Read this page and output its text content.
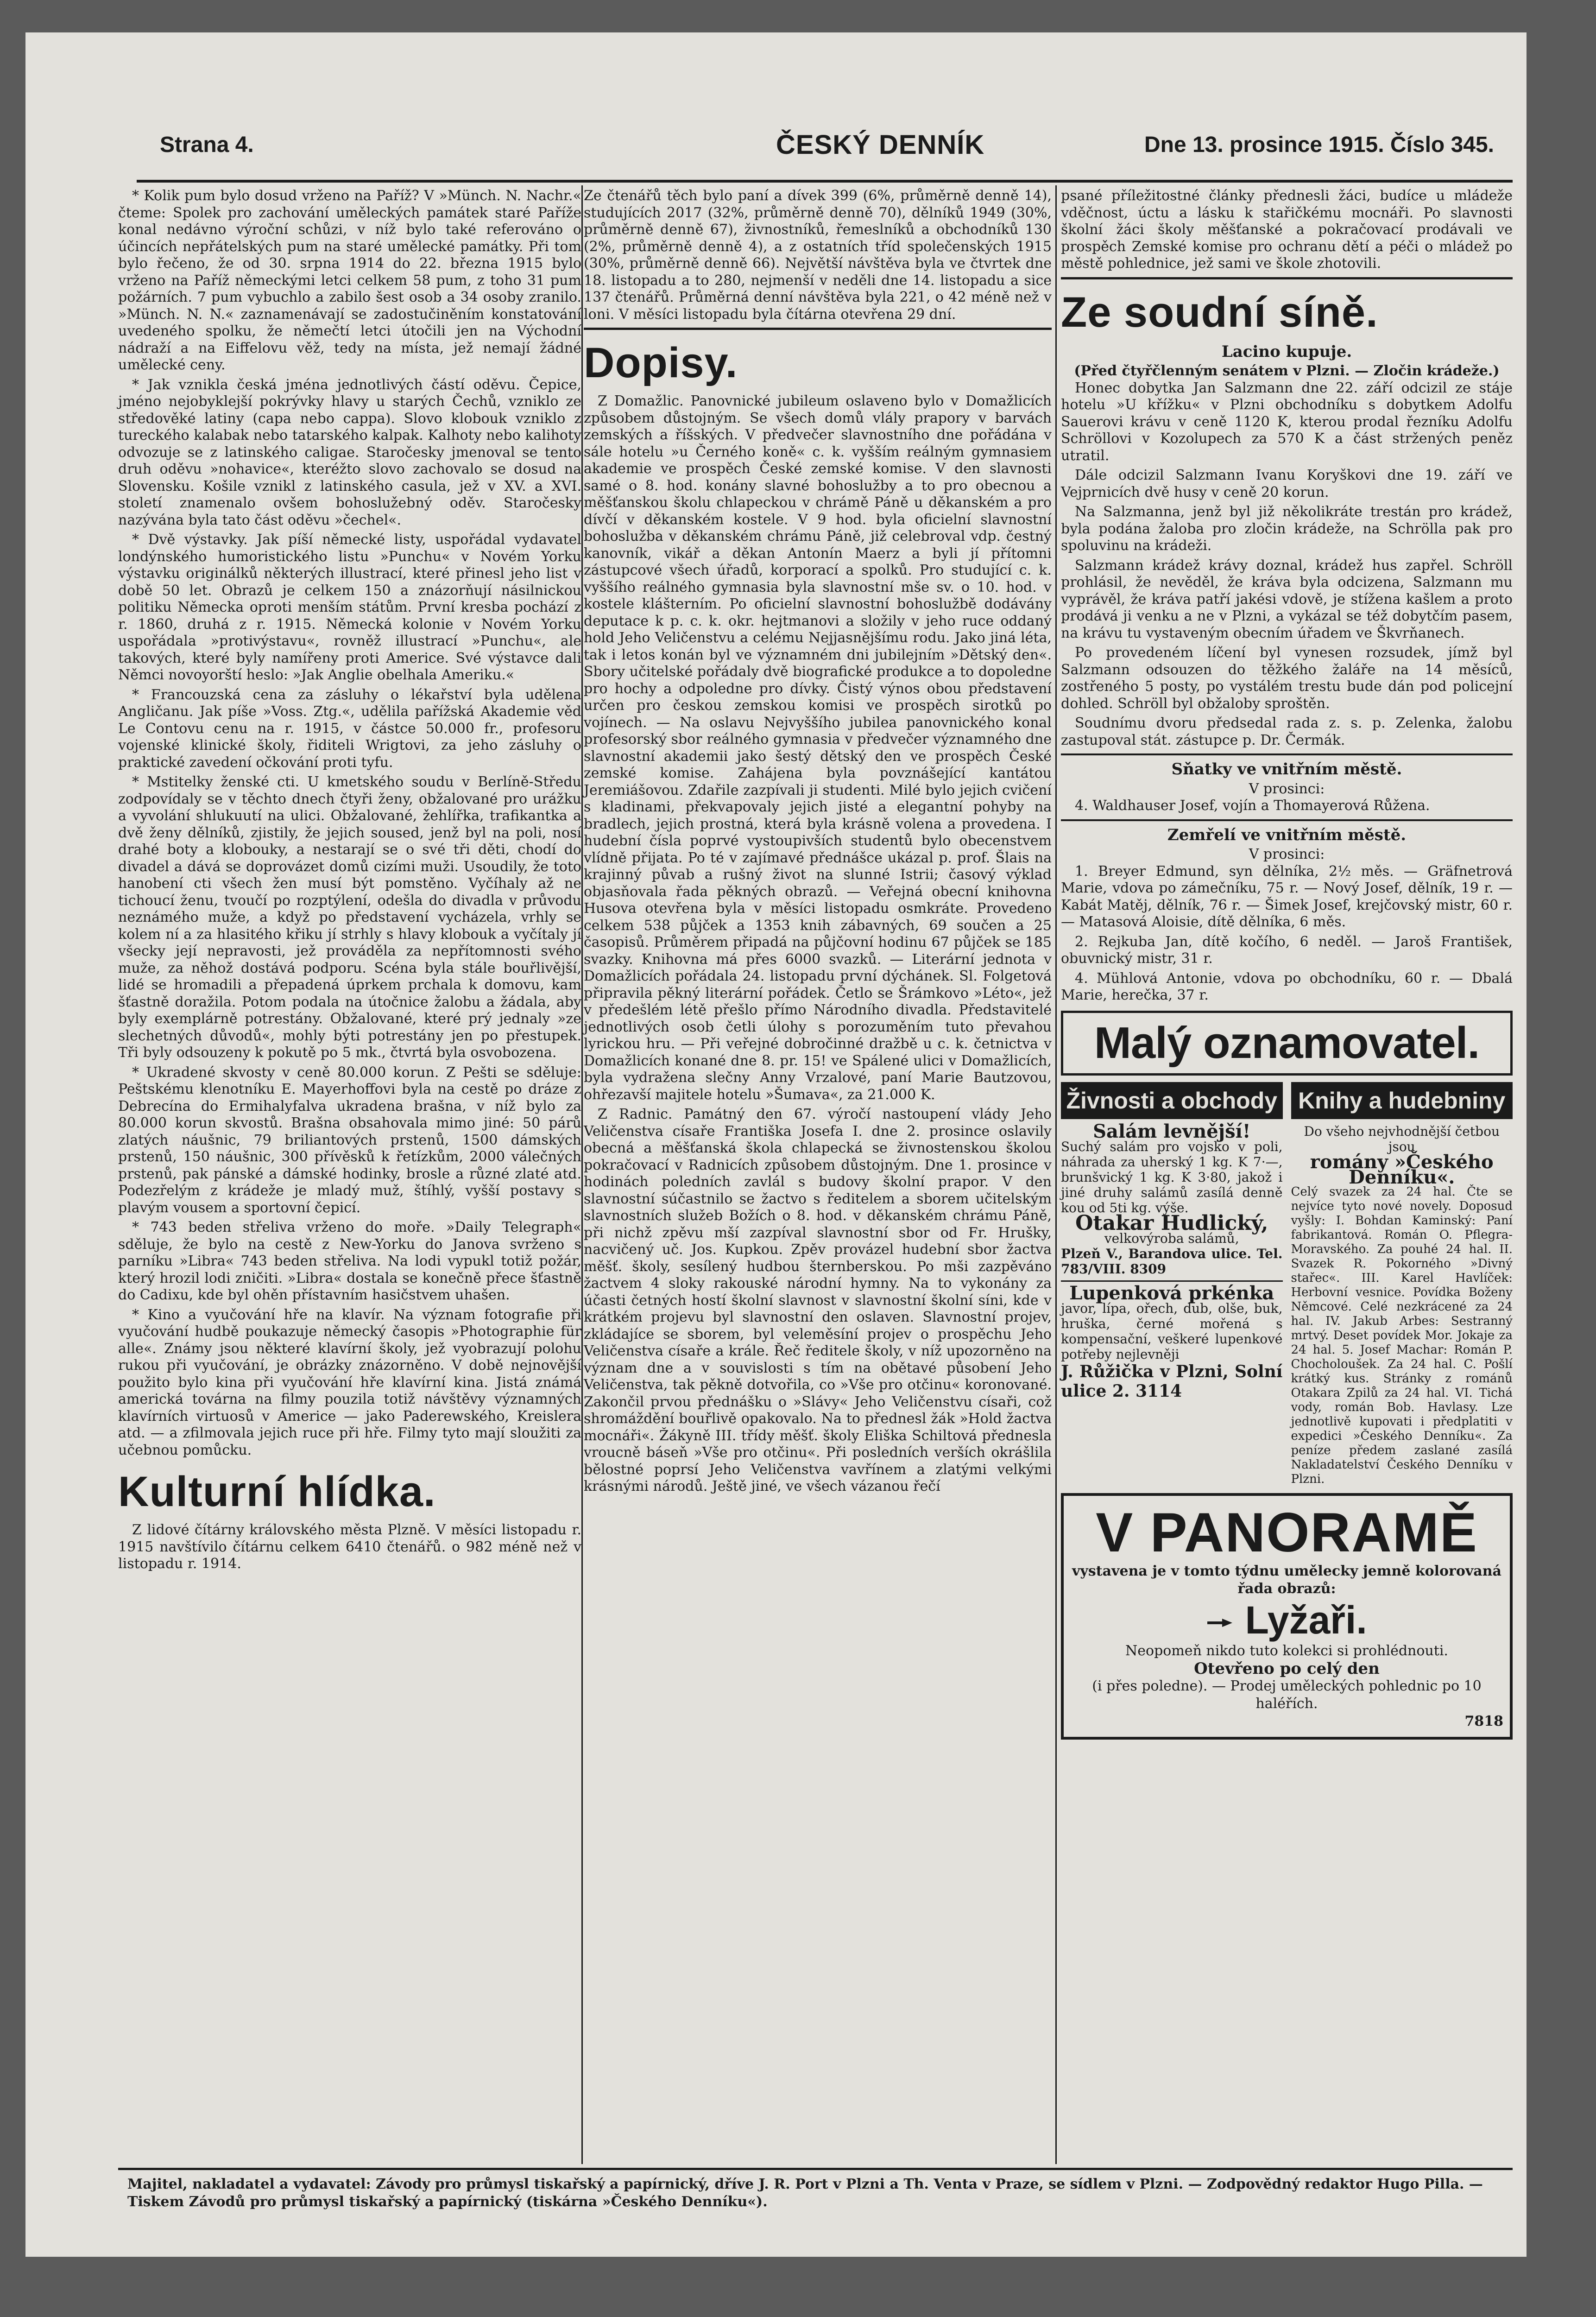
Strana 4.	ČESKÝ DENNÍK	Dne 13. prosince 1915. Číslo 345.

* Kolik pum bylo dosud vrženo na Paříž? V »Münch. N. Nachr.« čteme: Spolek pro zachování uměleckých památek staré Paříže konal nedávno výroční schůzi, v níž bylo také referováno o účincích nepřátelských pum na staré umělecké památky. Při tom bylo řečeno, že od 30. srpna 1914 do 22. března 1915 bylo vrženo na Paříž německými letci celkem 58 pum, z toho 31 pum požárních. 7 pum vybuchlo a zabilo šest osob a 34 osoby zranilo. »Münch. N. N.« zaznamenávají se zadostučiněním konstatování uvedeného spolku, že němečtí letci útočili jen na Východní nádraží a na Eiffelovu věž, tedy na místa, jež nemají žádné umělecké ceny.

* Jak vznikla česká jména jednotlivých částí oděvu. Čepice, jméno nejobyklejší pokrývky hlavy u starých Čechů, vzniklo ze středověké latiny (capa nebo cappa). Slovo klobouk vzniklo z tureckého kalabak nebo tatarského kalpak. Kalhoty nebo kalihoty odvozuje se z latinského caligae. Staročesky jmenoval se tento druh oděvu »nohavice«, kteréžto slovo zachovalo se dosud na Slovensku. Košile vznikl z latinského casula, jež v XV. a XVI. století znamenalo ovšem bohoslužebný oděv. Staročesky nazývána byla tato část oděvu »čechel«.

* Dvě výstavky. Jak píší německé listy, uspořádal vydavatel londýnského humoristického listu »Punchu« v Novém Yorku výstavku originálků některých illustrací, které přinesl jeho list v době 50 let. Obrazů je celkem 150 a znázorňují násilnickou politiku Německa oproti menším státům. První kresba pochází z r. 1860, druhá z r. 1915. Německá kolonie v Novém Yorku uspořádala »protivýstavu«, rovněž illustrací »Punchu«, ale takových, které byly namířeny proti Americe. Své výstavce dali Němci novoyorští heslo: »Jak Anglie obelhala Ameriku.«

* Francouzská cena za zásluhy o lékařství byla udělena Angličanu. Jak píše »Voss. Ztg.«, udělila pařížská Akademie věd Le Contovu cenu na r. 1915, v částce 50.000 fr., profesoru vojenské klinické školy, řiditeli Wrigtovi, za jeho zásluhy o praktické zavedení očkování proti tyfu.

* Mstitelky ženské cti. U kmetského soudu v Berlíně-Středu zodpovídaly se v těchto dnech čtyři ženy, obžalované pro urážku a vyvolání shlukuutí na ulici. Obžalované, žehlířka, trafikantka a dvě ženy dělníků, zjistily, že jejich soused, jenž byl na poli, nosí drahé boty a klobouky, a nestarají se o své tři děti, chodí do divadel a dává se doprovázet domů cizími muži. Usoudily, že toto hanobení cti všech žen musí být pomstěno. Vyčíhaly až ne tichoucí ženu, tvoučí po rozptýlení, odešla do divadla v průvodu neznámého muže, a když po představení vycházela, vrhly se kolem ní a za hlasitého křiku jí strhly s hlavy klobouk a vyčítaly jí všecky její nepravosti, jež prováděla za nepřítomnosti svého muže, za něhož dostává podporu. Scéna byla stále bouřlivější, lidé se hromadili a přepadená úprkem prchala k domovu, kam šťastně doražila. Potom podala na útočnice žalobu a žádala, aby byly exemplárně potrestány. Obžalované, které prý jednaly »ze slechetných důvodů«, mohly býti potrestány jen po přestupek. Tři byly odsouzeny k pokutě po 5 mk., čtvrtá byla osvobozena.

* Ukradené skvosty v ceně 80.000 korun. Z Pešti se sděluje: Peštskému klenotníku E. Mayerhoffovi byla na cestě po dráze z Debrecína do Ermihalyfalva ukradena brašna, v níž bylo za 80.000 korun skvostů. Brašna obsahovala mimo jiné: 50 párů zlatých náušnic, 79 briliantových prstenů, 1500 dámských prstenů, 150 náušnic, 300 přívěsků k řetízkům, 2000 válečných prstenů, pak pánské a dámské hodinky, brosle a různé zlaté atd. Podezřelým z krádeže je mladý muž, štíhlý, vyšší postavy s plavým vousem a sportovní čepicí.

* 743 beden střeliva vrženo do moře. »Daily Telegraph« sděluje, že bylo na cestě z New-Yorku do Janova svrženo s parníku »Libra« 743 beden střeliva. Na lodi vypukl totiž požár, který hrozil lodi zničiti. »Libra« dostala se konečně přece šťastně do Cadixu, kde byl ohěn přístavním hasičstvem uhašen.

* Kino a vyučování hře na klavír. Na význam fotografie při vyučování hudbě poukazuje německý časopis »Photographie für alle«. Známy jsou některé klavírní školy, jež vyobrazují polohu rukou při vyučování, je obrázky znázorněno. V době nejnovější použito bylo kina při vyučování hře klavírní kina. Jistá známá americká továrna na filmy pouzila totiž návštěvy významných klavírních virtuosů v Americe — jako Paderewského, Kreislera atd. — a zfilmovala jejich ruce při hře. Filmy tyto mají sloužiti za učebnou pomůcku.

Kulturní hlídka.

Z lidové čítárny královského města Plzně. V měsíci listopadu r. 1915 navštívilo čítárnu celkem 6410 čtenářů. o 982 méně než v listopadu r. 1914.

Ze čtenářů těch bylo paní a dívek 399 (6%, průměrně denně 14), studujících 2017 (32%, průměrně denně 70), dělníků 1949 (30%, průměrně denně 67), živnostníků, řemeslníků a obchodníků 130 (2%, průměrně denně 4), a z ostatních tříd společenských 1915 (30%, průměrně denně 66). Největší návštěva byla ve čtvrtek dne 18. listopadu a to 280, nejmenší v neděli dne 14. listopadu a sice 137 čtenářů. Průměrná denní návštěva byla 221, o 42 méně než v loni. V měsíci listopadu byla čítárna otevřena 29 dní.

Dopisy.

Z Domažlic. Panovnické jubileum oslaveno bylo v Domažlicích způsobem důstojným. Se všech domů vlály prapory v barvách zemských a říšských. V předvečer slavnostního dne pořádána v sále hotelu »u Černého koně« c. k. vyšším reálným gymnasiem akademie ve prospěch České zemské komise. V den slavnosti samé o 8. hod. konány slavné bohoslužby a to pro obecnou a měšťanskou školu chlapeckou v chrámě Páně u děkanském a pro dívčí v děkanském kostele. V 9 hod. byla oficielní slavnostní bohoslužba v děkanském chrámu Páně, již celebroval vdp. čestný kanovník, vikář a děkan Antonín Maerz a byli jí přítomni zástupcové všech úřadů, korporací a spolků. Pro studující c. k. vyššího reálného gymnasia byla slavnostní mše sv. o 10. hod. v kostele klášterním. Po oficielní slavnostní bohoslužbě dodávány deputace k p. c. k. okr. hejtmanovi a složily v jeho ruce oddaný hold Jeho Veličenstvu a celému Nejjasnějšímu rodu. Jako jiná léta, tak i letos konán byl ve významném dni jubilejním »Dětský den«. Sbory učitelské pořádaly dvě biografické produkce a to dopoledne pro hochy a odpoledne pro dívky. Čistý výnos obou představení určen pro českou zemskou komisi ve prospěch sirotků po vojínech. — Na oslavu Nejvyššího jubilea panovnického konal profesorský sbor reálného gymnasia v předvečer významného dne slavnostní akademii jako šestý dětský den ve prospěch České zemské komise. Zahájena byla povznášející kantátou Jeremiášovou. Zdařile zazpívali ji studenti. Milé bylo jejich cvičení s kladinami, překvapovaly jejich jisté a elegantní pohyby na bradlech, jejich prostná, která byla krásně volena a provedena. I hudební čísla poprvé vystoupivších studentů bylo obecenstvem vlídně přijata. Po té v zajímavé přednášce ukázal p. prof. Šlais na krajinný půvab a rušný život na slunné Istrii; časový výklad objasňovala řada pěkných obrazů. — Veřejná obecní knihovna Husova otevřena byla v měsíci listopadu osmkráte. Provedeno celkem 538 půjček a 1353 knih zábavných, 69 součen a 25 časopisů. Průměrem připadá na půjčovní hodinu 67 půjček se 185 svazky. Knihovna má přes 6000 svazků. — Literární jednota v Domažlicích pořádala 24. listopadu první dýchánek. Sl. Folgetová připravila pěkný literární pořádek. Četlo se Šrámkovo »Léto«, jež v předešlém létě přešlo přímo Národního divadla. Představitelé jednotlivých osob četli úlohy s porozuměním tuto převahou lyrickou hru. — Při veřejné dobročinné dražbě u c. k. četnictva v Domažlicích konané dne 8. pr. 15! ve Spálené ulici v Domažlicích, byla vydražena slečny Anny Vrzalové, paní Marie Bautzovou, ohřezavší majitele hotelu »Šumava«, za 21.000 K.

Z Radnic. Památný den 67. výročí nastoupení vlády Jeho Veličenstva císaře Františka Josefa I. dne 2. prosince oslavily obecná a měšťanská škola chlapecká se živnostenskou školou pokračovací v Radnicích způsobem důstojným. Dne 1. prosince v hodinách poledních zavlál s budovy školní prapor. V den slavnostní súčastnilo se žactvo s ředitelem a sborem učitelským slavnostních služeb Božích o 8. hod. v děkanském chrámu Páně, při nichž zpěvu mší zazpíval slavnostní sbor od Fr. Hrušky, nacvičený uč. Jos. Kupkou. Zpěv provázel hudební sbor žactva měšť. školy, sesílený hudbou šternberskou. Po mši zazpěváno žactvem 4 sloky rakouské národní hymny. Na to vykonány za účasti četných hostí školní slavnost v slavnostní školní síni, kde v krátkém projevu byl slavnostní den oslaven. Slavnostní projev, zkládajíce se sborem, byl veleměsíní projev o prospěchu Jeho Veličenstva císaře a krále. Řeč ředitele školy, v níž upozorněno na význam dne a v souvislosti s tím na obětavé působení Jeho Veličenstva, tak pěkně dotvořila, co »Vše pro otčinu« koronované. Zakončil prvou přednášku o »Slávy« Jeho Veličenstvu císaři, což shromáždění bouřlivě opakovalo. Na to přednesl žák »Hold žactva mocnáři«. Žákyně III. třídy měšť. školy Eliška Schiltová přednesla vroucně báseň »Vše pro otčinu«. Při posledních verších okrášlila bělostné poprsí Jeho Veličenstva vavřínem a zlatými velkými krásnými národů. Ještě jiné, ve všech vázanou řečí

psané příležitostné články přednesli žáci, budíce u mládeže vděčnost, úctu a lásku k stařičkému mocnáři. Po slavnosti školní žáci školy měšťanské a pokračovací prodávali ve prospěch Zemské komise pro ochranu dětí a péči o mládež po městě pohlednice, jež sami ve škole zhotovili.

Ze soudní síně.
Lacino kupuje.
(Před čtyřčlenným senátem v Plzni. — Zločin krádeže.)

Honec dobytka Jan Salzmann dne 22. září odcizil ze stáje hotelu »U křížku« v Plzni obchodníku s dobytkem Adolfu Sauerovi krávu v ceně 1120 K, kterou prodal řezníku Adolfu Schröllovi v Kozolupech za 570 K a část stržených peněz utratil.

Dále odcizil Salzmann Ivanu Koryškovi dne 19. září ve Vejprnicích dvě husy v ceně 20 korun.

Na Salzmanna, jenž byl již několikráte trestán pro krádež, byla podána žaloba pro zločin krádeže, na Schrölla pak pro spoluvinu na krádeži.

Salzmann krádež krávy doznal, krádež hus zapřel. Schröll prohlásil, že nevěděl, že kráva byla odcizena, Salzmann mu vyprávěl, že kráva patří jakési vdově, je stížena kašlem a proto prodává ji venku a ne v Plzni, a vykázal se též dobytčím pasem, na krávu tu vystaveným obecním úřadem ve Škvrňanech.

Po provedeném líčení byl vynesen rozsudek, jímž byl Salzmann odsouzen do těžkého žaláře na 14 měsíců, zostřeného 5 posty, po vystálém trestu bude dán pod policejní dohled. Schröll byl obžaloby sproštěn.

Soudnímu dvoru předsedal rada z. s. p. Zelenka, žalobu zastupoval stát. zástupce p. Dr. Čermák.

Sňatky ve vnitřním městě.
V prosinci:

4. Waldhauser Josef, vojín a Thomayerová Růžena.

Zemřelí ve vnitřním městě.
V prosinci:

1. Breyer Edmund, syn dělníka, 2½ měs. — Gräfnetrová Marie, vdova po zámečníku, 75 r. — Nový Josef, dělník, 19 r. — Kabát Matěj, dělník, 76 r. — Šimek Josef, krejčovský mistr, 60 r. — Matasová Aloisie, dítě dělníka, 6 měs.

2. Rejkuba Jan, dítě kočího, 6 neděl. — Jaroš František, obuvnický mistr, 31 r.

4. Mühlová Antonie, vdova po obchodníku, 60 r. — Dbalá Marie, herečka, 37 r.

Malý oznamovatel.
Živnosti a obchody Knihy a hudebniny
Salám levnější!
Suchý salám pro vojsko v poli, náhrada za uherský 1 kg. K 7·—, brunšvický 1 kg. K 3·80, jakož i jiné druhy salámů zasílá denně kou od 5ti kg. výše.
Otakar Hudlický,
velkovýroba salámů,
Plzeň V., Barandova ulice. Tel. 783/VIII. 8309
Lupenková prkénka
javor, lípa, ořech, dub, olše, buk, hruška, černé mořená s kompensační, veškeré lupenkové potřeby nejlevněji
J. Růžička v Plzni, Solní ulice 2. 3114
Do všeho nejvhodnější četbou jsou
romány »Českého Denníku«.
Celý svazek za 24 hal. Čte se nejvíce tyto nové novely. Doposud vyšly: I. Bohdan Kaminský: Paní fabrikantová. Román O. Pflegra-Moravského. Za pouhé 24 hal. II. Svazek R. Pokorného »Divný stařec«. III. Karel Havlíček: Herbovní vesnice. Povídka Boženy Němcové. Celé nezkrácené za 24 hal. IV. Jakub Arbes: Sestranný mrtvý. Deset povídek Mor. Jokaje za 24 hal. 5. Josef Machar: Román P. Chocholoušek. Za 24 hal. C. Pošlí krátký kus. Stránky z románů Otakara Zpilů za 24 hal. VI. Tichá vody, román Bob. Havlasy. Lze jednotlivě kupovati i předplatiti v expedici »Českého Denníku«. Za peníze předem zaslané zasílá Nakladatelství Českého Denníku v Plzni.
V PANORAMĚ
vystavena je v tomto týdnu umělecky jemně kolorovaná řada obrazů:
Lyžaři.
Neopomeň nikdo tuto kolekci si prohlédnouti.
Otevřeno po celý den
(i přes poledne). — Prodej uměleckých pohlednic po 10 haléřích.
7818
Majitel, nakladatel a vydavatel: Závody pro průmysl tiskařský a papírnický, dříve J. R. Port v Plzni a Th. Venta v Praze, se sídlem v Plzni. — Zodpovědný redaktor Hugo Pilla. — Tiskem Závodů pro průmysl tiskařský a papírnický (tiskárna »Českého Denníku«).
